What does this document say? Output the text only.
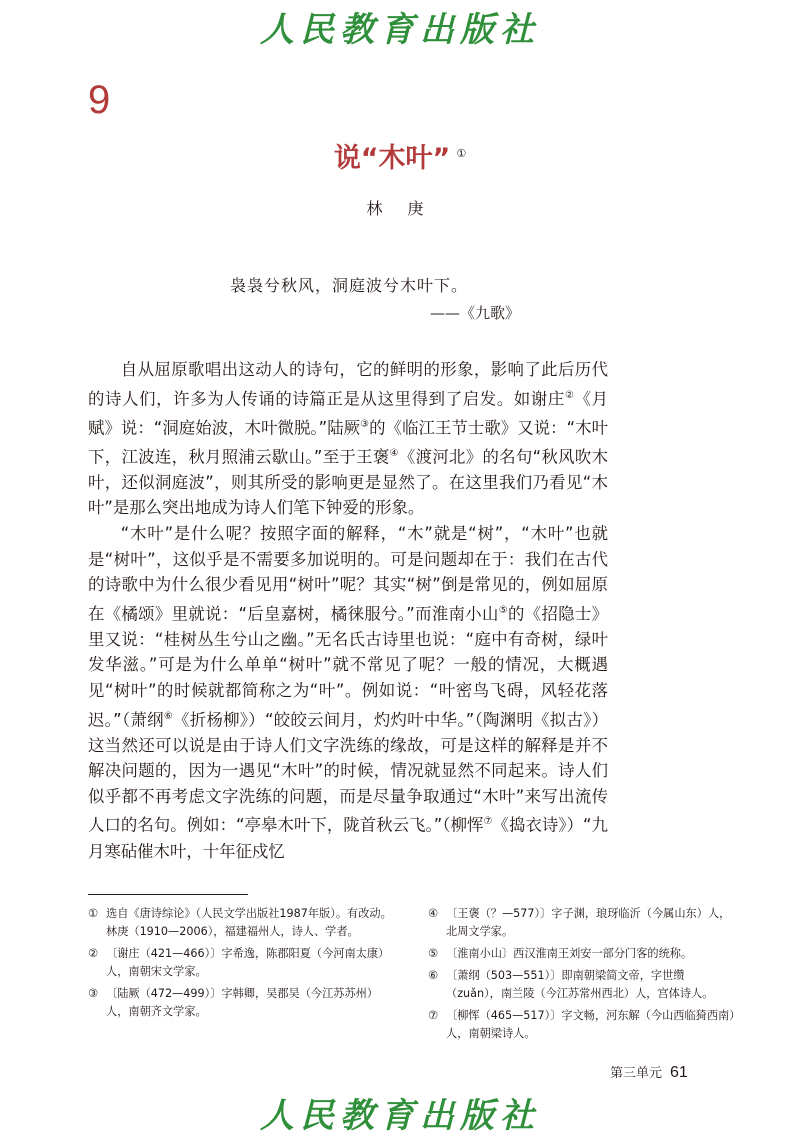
人民教育出版社
9
说“木叶” ①
林 庚
袅袅兮秋风，洞庭波兮木叶下。
——《九歌》

自从屈原歌唱出这动人的诗句，它的鲜明的形象，影响了此后历代的诗人们，许多为人传诵的诗篇正是从这里得到了启发。如谢庄②《月赋》说：“洞庭始波，木叶微脱。”陆厥③的《临江王节士歌》又说：“木叶下，江波连，秋月照浦云歇山。”至于王褒④《渡河北》的名句“秋风吹木叶，还似洞庭波”，则其所受的影响更是显然了。在这里我们乃看见“木叶”是那么突出地成为诗人们笔下钟爱的形象。

“木叶”是什么呢？按照字面的解释，“木”就是“树”，“木叶”也就是“树叶”，这似乎是不需要多加说明的。可是问题却在于：我们在古代的诗歌中为什么很少看见用“树叶”呢？其实“树”倒是常见的，例如屈原在《橘颂》里就说：“后皇嘉树，橘徕服兮。”而淮南小山⑤的《招隐士》里又说：“桂树丛生兮山之幽。”无名氏古诗里也说：“庭中有奇树，绿叶发华滋。”可是为什么单单“树叶”就不常见了呢？一般的情况，大概遇见“树叶”的时候就都简称之为“叶”。例如说：“叶密鸟飞碍，风轻花落迟。”（萧纲⑥《折杨柳》）“皎皎云间月，灼灼叶中华。”（陶渊明《拟古》）这当然还可以说是由于诗人们文字洗练的缘故，可是这样的解释是并不解决问题的，因为一遇见“木叶”的时候，情况就显然不同起来。诗人们似乎都不再考虑文字洗练的问题，而是尽量争取通过“木叶”来写出流传人口的名句。例如：“亭皋木叶下，陇首秋云飞。”（柳恽⑦《捣衣诗》）“九月寒砧催木叶，十年征戍忆

① 选自《唐诗综论》（人民文学出版社1987年版）。有改动。林庚（1910—2006），福建福州人，诗人、学者。
② 〔谢庄（421—466）〕字希逸，陈郡阳夏（今河南太康）人，南朝宋文学家。
③ 〔陆厥（472—499）〕字韩卿，吴郡吴（今江苏苏州）人，南朝齐文学家。
④ 〔王褒（？—577）〕字子渊，琅玡临沂（今属山东）人，北周文学家。
⑤ 〔淮南小山〕西汉淮南王刘安一部分门客的统称。
⑥ 〔萧纲（503—551）〕即南朝梁简文帝，字世缵（zuǎn），南兰陵（今江苏常州西北）人，宫体诗人。
⑦ 〔柳恽（465—517）〕字文畅，河东解（今山西临猗西南）人，南朝梁诗人。
第三单元 61
人民教育出版社
